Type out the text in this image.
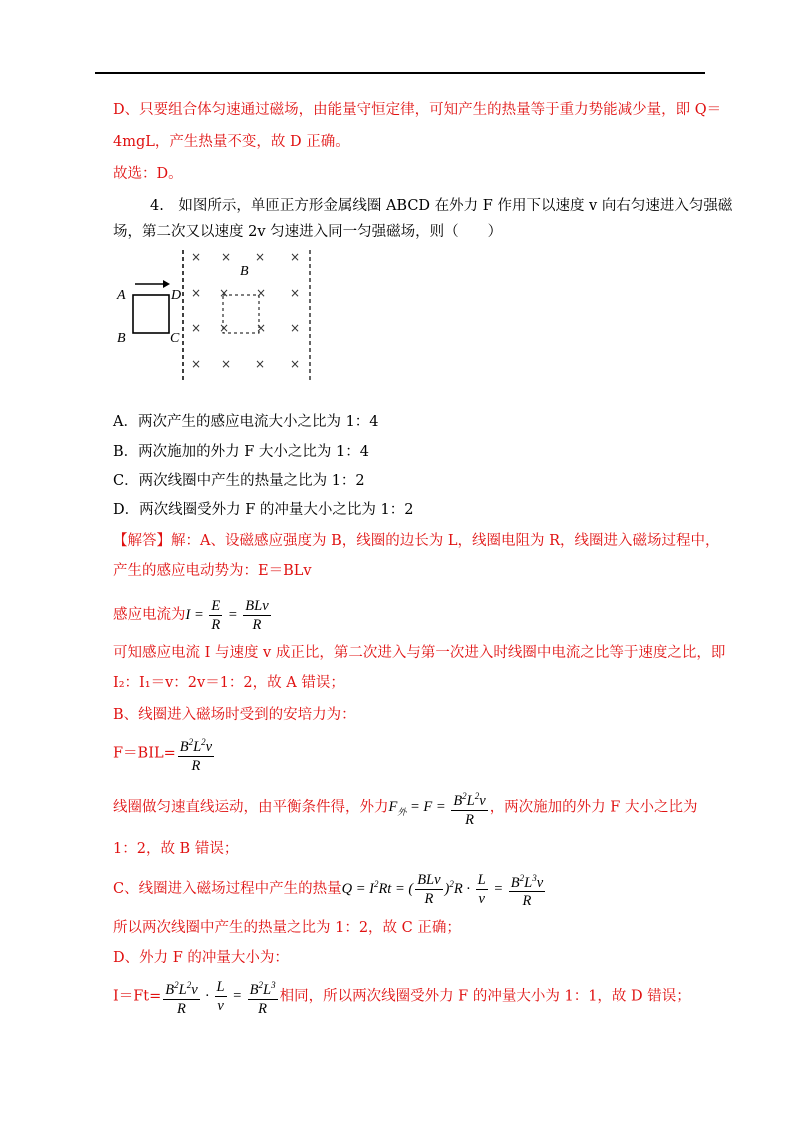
D、只要组合体匀速通过磁场，由能量守恒定律，可知产生的热量等于重力势能减少量，即 Q＝
4mgL，产生热量不变，故 D 正确。
故选：D。
4.　如图所示，单匝正方形金属线圈 ABCD 在外力 F 作用下以速度 v 向右匀速进入匀强磁
场，第二次又以速度 2v 匀速进入同一匀强磁场，则（　　）
A
B	C
D
B
× × × ×
× × × ×
× × × ×
× × × ×
A．两次产生的感应电流大小之比为 1：4
B．两次施加的外力 F 大小之比为 1：4
C．两次线圈中产生的热量之比为 1：2
D．两次线圈受外力 F 的冲量大小之比为 1：2
【解答】解：A、设磁感应强度为 B，线圈的边长为 L，线圈电阻为 R，线圈进入磁场过程中，
产生的感应电动势为：E＝BLv
感应电流为$I = \frac{E}{R} = \frac{\text{BLv}}{R}$
可知感应电流 I 与速度 v 成正比，第二次进入与第一次进入时线圈中电流之比等于速度之比，即
I₂：I₁＝v：2v＝1：2，故 A 错误；
B、线圈进入磁场时受到的安培力为：
$F=BIL= \frac{B^2L^2v}{R}$
线圈做匀速直线运动，由平衡条件得，外力$F_外 = F = \frac{B^2L^2v}{R}$ ，两次施加的外力 F 大小之比为
1：2，故 B 错误；
C、线圈进入磁场过程中产生的热量$Q = I^2Rt$ = ( $\frac{\text{BLv}}{R} )^2R \cdot \frac{L}{v} = \frac{B^2L^3v}{R}$
所以两次线圈中产生的热量之比为 1：2，故 C 正确；
D、外力 F 的冲量大小为：
$I=Ft= \frac{B^2L^2v}{R} \cdot \frac{L}{v} = \frac{B^2L^3}{R}$ 相同，所以两次线圈受外力 F 的冲量大小为 1：1，故 D 错误；
